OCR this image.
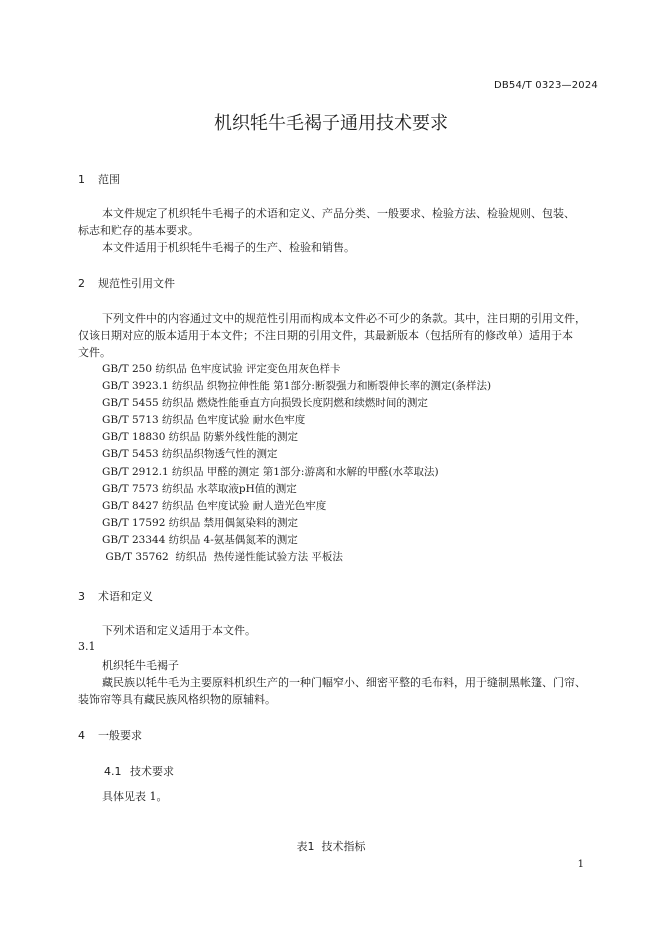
DB54/T 0323—2024
机织牦牛毛褐子通用技术要求
1 范围
本文件规定了机织牦牛毛褐子的术语和定义、产品分类、一般要求、检验方法、检验规则、包装、
标志和贮存的基本要求。
本文件适用于机织牦牛毛褐子的生产、检验和销售。
2 规范性引用文件
下列文件中的内容通过文中的规范性引用而构成本文件必不可少的条款。其中，注日期的引用文件，
仅该日期对应的版本适用于本文件；不注日期的引用文件，其最新版本（包括所有的修改单）适用于本
文件。
GB/T 250 纺织品 色牢度试验 评定变色用灰色样卡
GB/T 3923.1 纺织品 织物拉伸性能 第1部分:断裂强力和断裂伸长率的测定(条样法)
GB/T 5455 纺织品 燃烧性能垂直方向损毁长度阴燃和续燃时间的测定
GB/T 5713 纺织品 色牢度试验 耐水色牢度
GB/T 18830 纺织品 防紫外线性能的测定
GB/T 5453 纺织品织物透气性的测定
GB/T 2912.1 纺织品 甲醛的测定 第1部分:游离和水解的甲醛(水萃取法)
GB/T 7573 纺织品 水萃取液pH值的测定
GB/T 8427 纺织品 色牢度试验 耐人造光色牢度
GB/T 17592 纺织品 禁用偶氮染料的测定
GB/T 23344 纺织品 4-氨基偶氮苯的测定
GB/T 35762  纺织品  热传递性能试验方法 平板法
3 术语和定义
下列术语和定义适用于本文件。
3.1
机织牦牛毛褐子
藏民族以牦牛毛为主要原料机织生产的一种门幅窄小、细密平整的毛布料，用于缝制黑帐篷、门帘、
装饰帘等具有藏民族风格织物的原辅料。
4 一般要求
4.1 技术要求
具体见表 1。
表1 技术指标
1
